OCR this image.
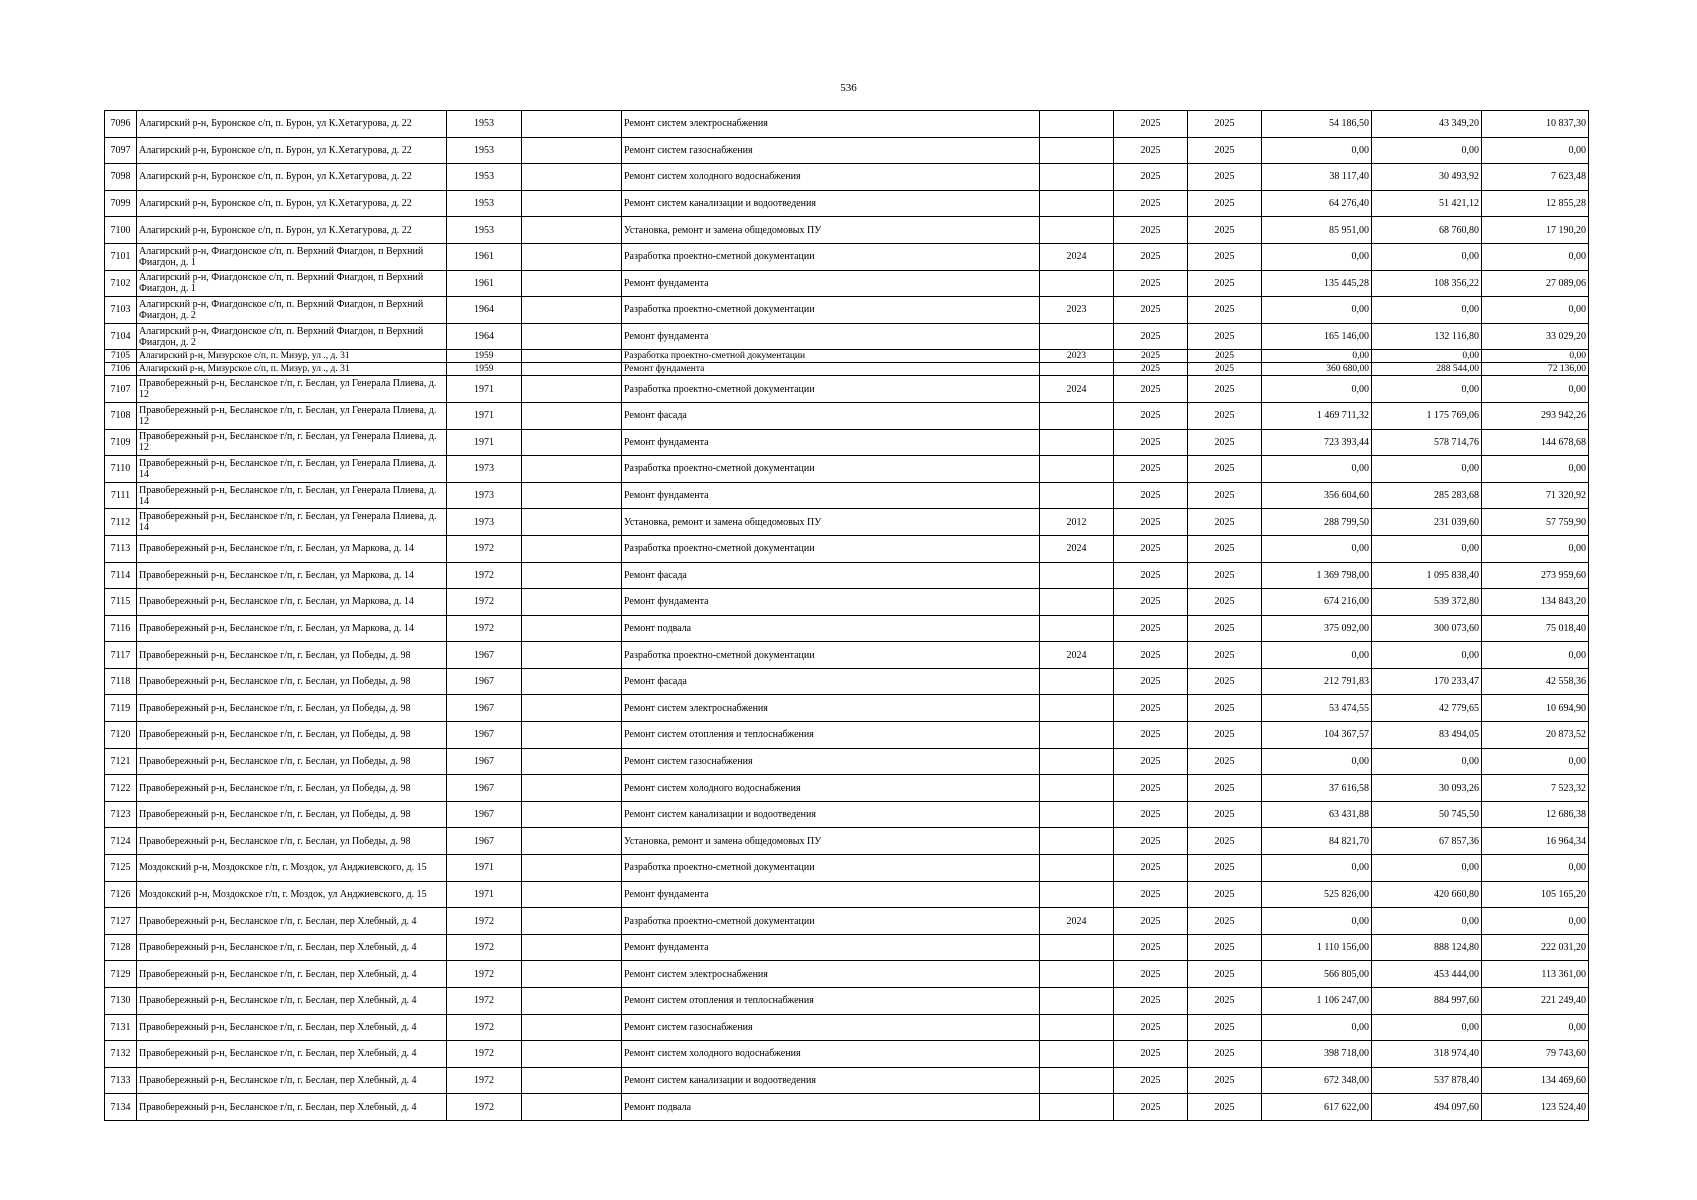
536
7096	Алагирский р-н, Буронское с/п, п. Бурон, ул К.Хетагурова, д. 22	1953		Ремонт систем электроснабжения		2025	2025	54 186,50	43 349,20	10 837,30
7097	Алагирский р-н, Буронское с/п, п. Бурон, ул К.Хетагурова, д. 22	1953		Ремонт систем газоснабжения		2025	2025	0,00	0,00	0,00
7098	Алагирский р-н, Буронское с/п, п. Бурон, ул К.Хетагурова, д. 22	1953		Ремонт систем холодного водоснабжения		2025	2025	38 117,40	30 493,92	7 623,48
7099	Алагирский р-н, Буронское с/п, п. Бурон, ул К.Хетагурова, д. 22	1953		Ремонт систем канализации и водоотведения		2025	2025	64 276,40	51 421,12	12 855,28
7100	Алагирский р-н, Буронское с/п, п. Бурон, ул К.Хетагурова, д. 22	1953		Установка, ремонт и замена общедомовых ПУ		2025	2025	85 951,00	68 760,80	17 190,20
7101	Алагирский р-н, Фиагдонское с/п, п. Верхний Фиагдон, п Верхний Фиагдон, д. 1	1961		Разработка проектно-сметной документации	2024	2025	2025	0,00	0,00	0,00
7102	Алагирский р-н, Фиагдонское с/п, п. Верхний Фиагдон, п Верхний Фиагдон, д. 1	1961		Ремонт фундамента		2025	2025	135 445,28	108 356,22	27 089,06
7103	Алагирский р-н, Фиагдонское с/п, п. Верхний Фиагдон, п Верхний Фиагдон, д. 2	1964		Разработка проектно-сметной документации	2023	2025	2025	0,00	0,00	0,00
7104	Алагирский р-н, Фиагдонское с/п, п. Верхний Фиагдон, п Верхний Фиагдон, д. 2	1964		Ремонт фундамента		2025	2025	165 146,00	132 116,80	33 029,20
7105	Алагирский р-н, Мизурское с/п, п. Мизур, ул ., д. 31	1959		Разработка проектно-сметной документации	2023	2025	2025	0,00	0,00	0,00
7106	Алагирский р-н, Мизурское с/п, п. Мизур, ул ., д. 31	1959		Ремонт фундамента		2025	2025	360 680,00	288 544,00	72 136,00
7107	Правобережный р-н, Бесланское г/п, г. Беслан, ул Генерала Плиева, д. 12	1971		Разработка проектно-сметной документации	2024	2025	2025	0,00	0,00	0,00
7108	Правобережный р-н, Бесланское г/п, г. Беслан, ул Генерала Плиева, д. 12	1971		Ремонт фасада		2025	2025	1 469 711,32	1 175 769,06	293 942,26
7109	Правобережный р-н, Бесланское г/п, г. Беслан, ул Генерала Плиева, д. 12	1971		Ремонт фундамента		2025	2025	723 393,44	578 714,76	144 678,68
7110	Правобережный р-н, Бесланское г/п, г. Беслан, ул Генерала Плиева, д. 14	1973		Разработка проектно-сметной документации		2025	2025	0,00	0,00	0,00
7111	Правобережный р-н, Бесланское г/п, г. Беслан, ул Генерала Плиева, д. 14	1973		Ремонт фундамента		2025	2025	356 604,60	285 283,68	71 320,92
7112	Правобережный р-н, Бесланское г/п, г. Беслан, ул Генерала Плиева, д. 14	1973		Установка, ремонт и замена общедомовых ПУ	2012	2025	2025	288 799,50	231 039,60	57 759,90
7113	Правобережный р-н, Бесланское г/п, г. Беслан, ул Маркова, д. 14	1972		Разработка проектно-сметной документации	2024	2025	2025	0,00	0,00	0,00
7114	Правобережный р-н, Бесланское г/п, г. Беслан, ул Маркова, д. 14	1972		Ремонт фасада		2025	2025	1 369 798,00	1 095 838,40	273 959,60
7115	Правобережный р-н, Бесланское г/п, г. Беслан, ул Маркова, д. 14	1972		Ремонт фундамента		2025	2025	674 216,00	539 372,80	134 843,20
7116	Правобережный р-н, Бесланское г/п, г. Беслан, ул Маркова, д. 14	1972		Ремонт подвала		2025	2025	375 092,00	300 073,60	75 018,40
7117	Правобережный р-н, Бесланское г/п, г. Беслан, ул Победы, д. 98	1967		Разработка проектно-сметной документации	2024	2025	2025	0,00	0,00	0,00
7118	Правобережный р-н, Бесланское г/п, г. Беслан, ул Победы, д. 98	1967		Ремонт фасада		2025	2025	212 791,83	170 233,47	42 558,36
7119	Правобережный р-н, Бесланское г/п, г. Беслан, ул Победы, д. 98	1967		Ремонт систем электроснабжения		2025	2025	53 474,55	42 779,65	10 694,90
7120	Правобережный р-н, Бесланское г/п, г. Беслан, ул Победы, д. 98	1967		Ремонт систем отопления и теплоснабжения		2025	2025	104 367,57	83 494,05	20 873,52
7121	Правобережный р-н, Бесланское г/п, г. Беслан, ул Победы, д. 98	1967		Ремонт систем газоснабжения		2025	2025	0,00	0,00	0,00
7122	Правобережный р-н, Бесланское г/п, г. Беслан, ул Победы, д. 98	1967		Ремонт систем холодного водоснабжения		2025	2025	37 616,58	30 093,26	7 523,32
7123	Правобережный р-н, Бесланское г/п, г. Беслан, ул Победы, д. 98	1967		Ремонт систем канализации и водоотведения		2025	2025	63 431,88	50 745,50	12 686,38
7124	Правобережный р-н, Бесланское г/п, г. Беслан, ул Победы, д. 98	1967		Установка, ремонт и замена общедомовых ПУ		2025	2025	84 821,70	67 857,36	16 964,34
7125	Моздокский р-н, Моздокское г/п, г. Моздок, ул Анджиевского, д. 15	1971		Разработка проектно-сметной документации		2025	2025	0,00	0,00	0,00
7126	Моздокский р-н, Моздокское г/п, г. Моздок, ул Анджиевского, д. 15	1971		Ремонт фундамента		2025	2025	525 826,00	420 660,80	105 165,20
7127	Правобережный р-н, Бесланское г/п, г. Беслан, пер Хлебный, д. 4	1972		Разработка проектно-сметной документации	2024	2025	2025	0,00	0,00	0,00
7128	Правобережный р-н, Бесланское г/п, г. Беслан, пер Хлебный, д. 4	1972		Ремонт фундамента		2025	2025	1 110 156,00	888 124,80	222 031,20
7129	Правобережный р-н, Бесланское г/п, г. Беслан, пер Хлебный, д. 4	1972		Ремонт систем электроснабжения		2025	2025	566 805,00	453 444,00	113 361,00
7130	Правобережный р-н, Бесланское г/п, г. Беслан, пер Хлебный, д. 4	1972		Ремонт систем отопления и теплоснабжения		2025	2025	1 106 247,00	884 997,60	221 249,40
7131	Правобережный р-н, Бесланское г/п, г. Беслан, пер Хлебный, д. 4	1972		Ремонт систем газоснабжения		2025	2025	0,00	0,00	0,00
7132	Правобережный р-н, Бесланское г/п, г. Беслан, пер Хлебный, д. 4	1972		Ремонт систем холодного водоснабжения		2025	2025	398 718,00	318 974,40	79 743,60
7133	Правобережный р-н, Бесланское г/п, г. Беслан, пер Хлебный, д. 4	1972		Ремонт систем канализации и водоотведения		2025	2025	672 348,00	537 878,40	134 469,60
7134	Правобережный р-н, Бесланское г/п, г. Беслан, пер Хлебный, д. 4	1972		Ремонт подвала		2025	2025	617 622,00	494 097,60	123 524,40
